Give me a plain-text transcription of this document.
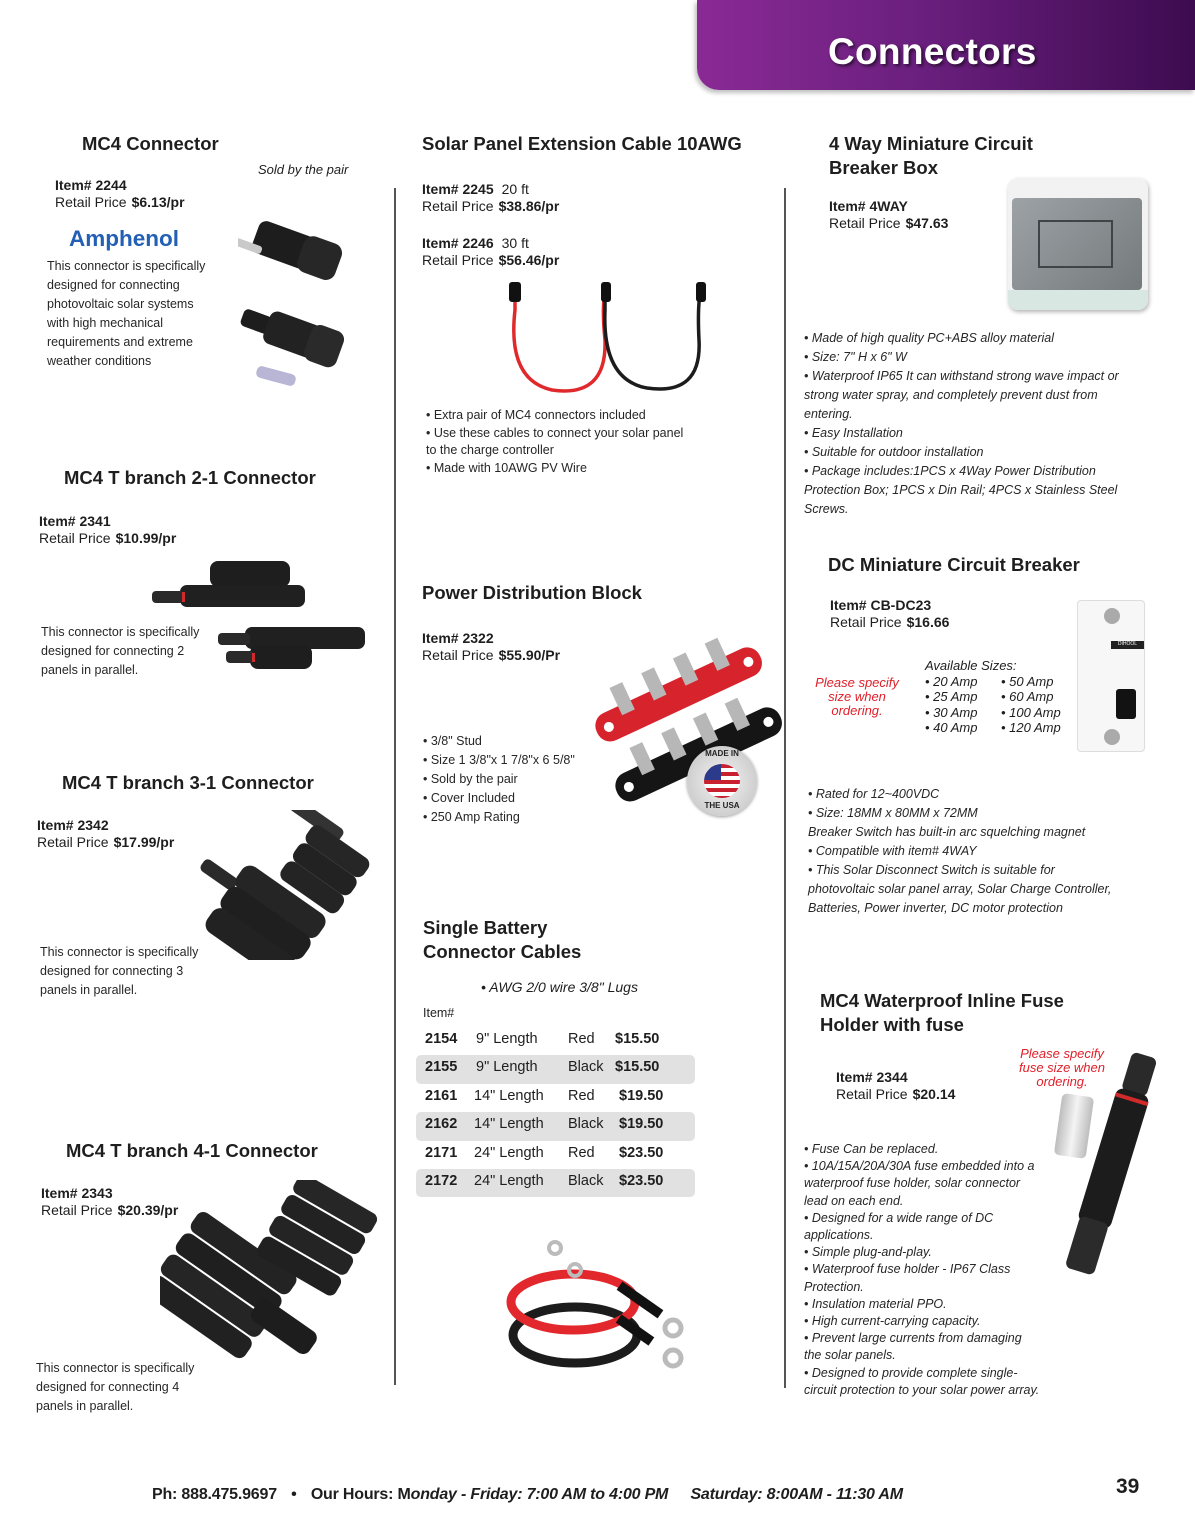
Connectors
MC4 Connector
Sold by the pair
Item# 2244
Retail Price $6.13/pr
Amphenol
This connector is specifically
designed for connecting
photovoltaic solar systems
with high mechanical
requirements and extreme
weather conditions
MC4 T branch 2-1 Connector
Item# 2341
Retail Price $10.99/pr
This connector is specifically
designed for connecting 2
panels in parallel.
MC4 T branch 3-1 Connector
Item# 2342
Retail Price $17.99/pr
This connector is specifically
designed for connecting 3
panels in parallel.
MC4 T branch 4-1 Connector
Item# 2343
Retail Price $20.39/pr
This connector is specifically
designed for connecting 4
panels in parallel.
Solar Panel Extension Cable 10AWG
Item# 2245 20 ft
Retail Price $38.86/pr
Item# 2246 30 ft
Retail Price $56.46/pr
• Extra pair of MC4 connectors included
• Use these cables to connect your solar panel
to the charge controller
• Made with 10AWG PV Wire
Power Distribution Block
Item# 2322
Retail Price $55.90/Pr
• 3/8" Stud
• Size 1 3/8"x 1 7/8"x 6 5/8"
• Sold by the pair
• Cover Included
• 250 Amp Rating
MADE IN
THE USA
Single Battery
Connector Cables
• AWG 2/0 wire 3/8" Lugs
Item#
2154 9" Length Red $15.50
2155 9" Length Black $15.50
2161 14" Length Red $19.50
2162 14" Length Black $19.50
2171 24" Length Red $23.50
2172 24" Length Black $23.50
4 Way Miniature Circuit
Breaker Box
Item# 4WAY
Retail Price $47.63
• Made of high quality PC+ABS alloy material
• Size: 7" H x 6" W
• Waterproof IP65 It can withstand strong wave impact or
strong water spray, and completely prevent dust from
entering.
• Easy Installation
• Suitable for outdoor installation
• Package includes:1PCS x 4Way Power Distribution
Protection Box; 1PCS x Din Rail; 4PCS x Stainless Steel
Screws.
DC Miniature Circuit Breaker
Item# CB-DC23
Retail Price $16.66
Please specify
size when
ordering.
Available Sizes:
• 20 Amp
• 25 Amp
• 30 Amp
• 40 Amp
• 50 Amp
• 60 Amp
• 100 Amp
• 120 Amp
DIHOOL
• Rated for 12~400VDC
• Size: 18MM x 80MM x 72MM
Breaker Switch has built-in arc squelching magnet
• Compatible with item# 4WAY
• This Solar Disconnect Switch is suitable for
photovoltaic solar panel array, Solar Charge Controller,
Batteries, Power inverter, DC motor protection
MC4 Waterproof Inline Fuse
Holder with fuse
Please specify
fuse size when
ordering.
Item# 2344
Retail Price $20.14
• Fuse Can be replaced.
• 10A/15A/20A/30A fuse embedded into a
waterproof fuse holder, solar connector
lead on each end.
• Designed for a wide range of DC
applications.
• Simple plug-and-play.
• Waterproof fuse holder - IP67 Class
Protection.
• Insulation material PPO.
• High current-carrying capacity.
• Prevent large currents from damaging
the solar panels.
• Designed to provide complete single-
circuit protection to your solar power array.
Ph: 888.475.9697 • Our Hours: Monday - Friday: 7:00 AM to 4:00 PM Saturday: 8:00AM - 11:30 AM	39
